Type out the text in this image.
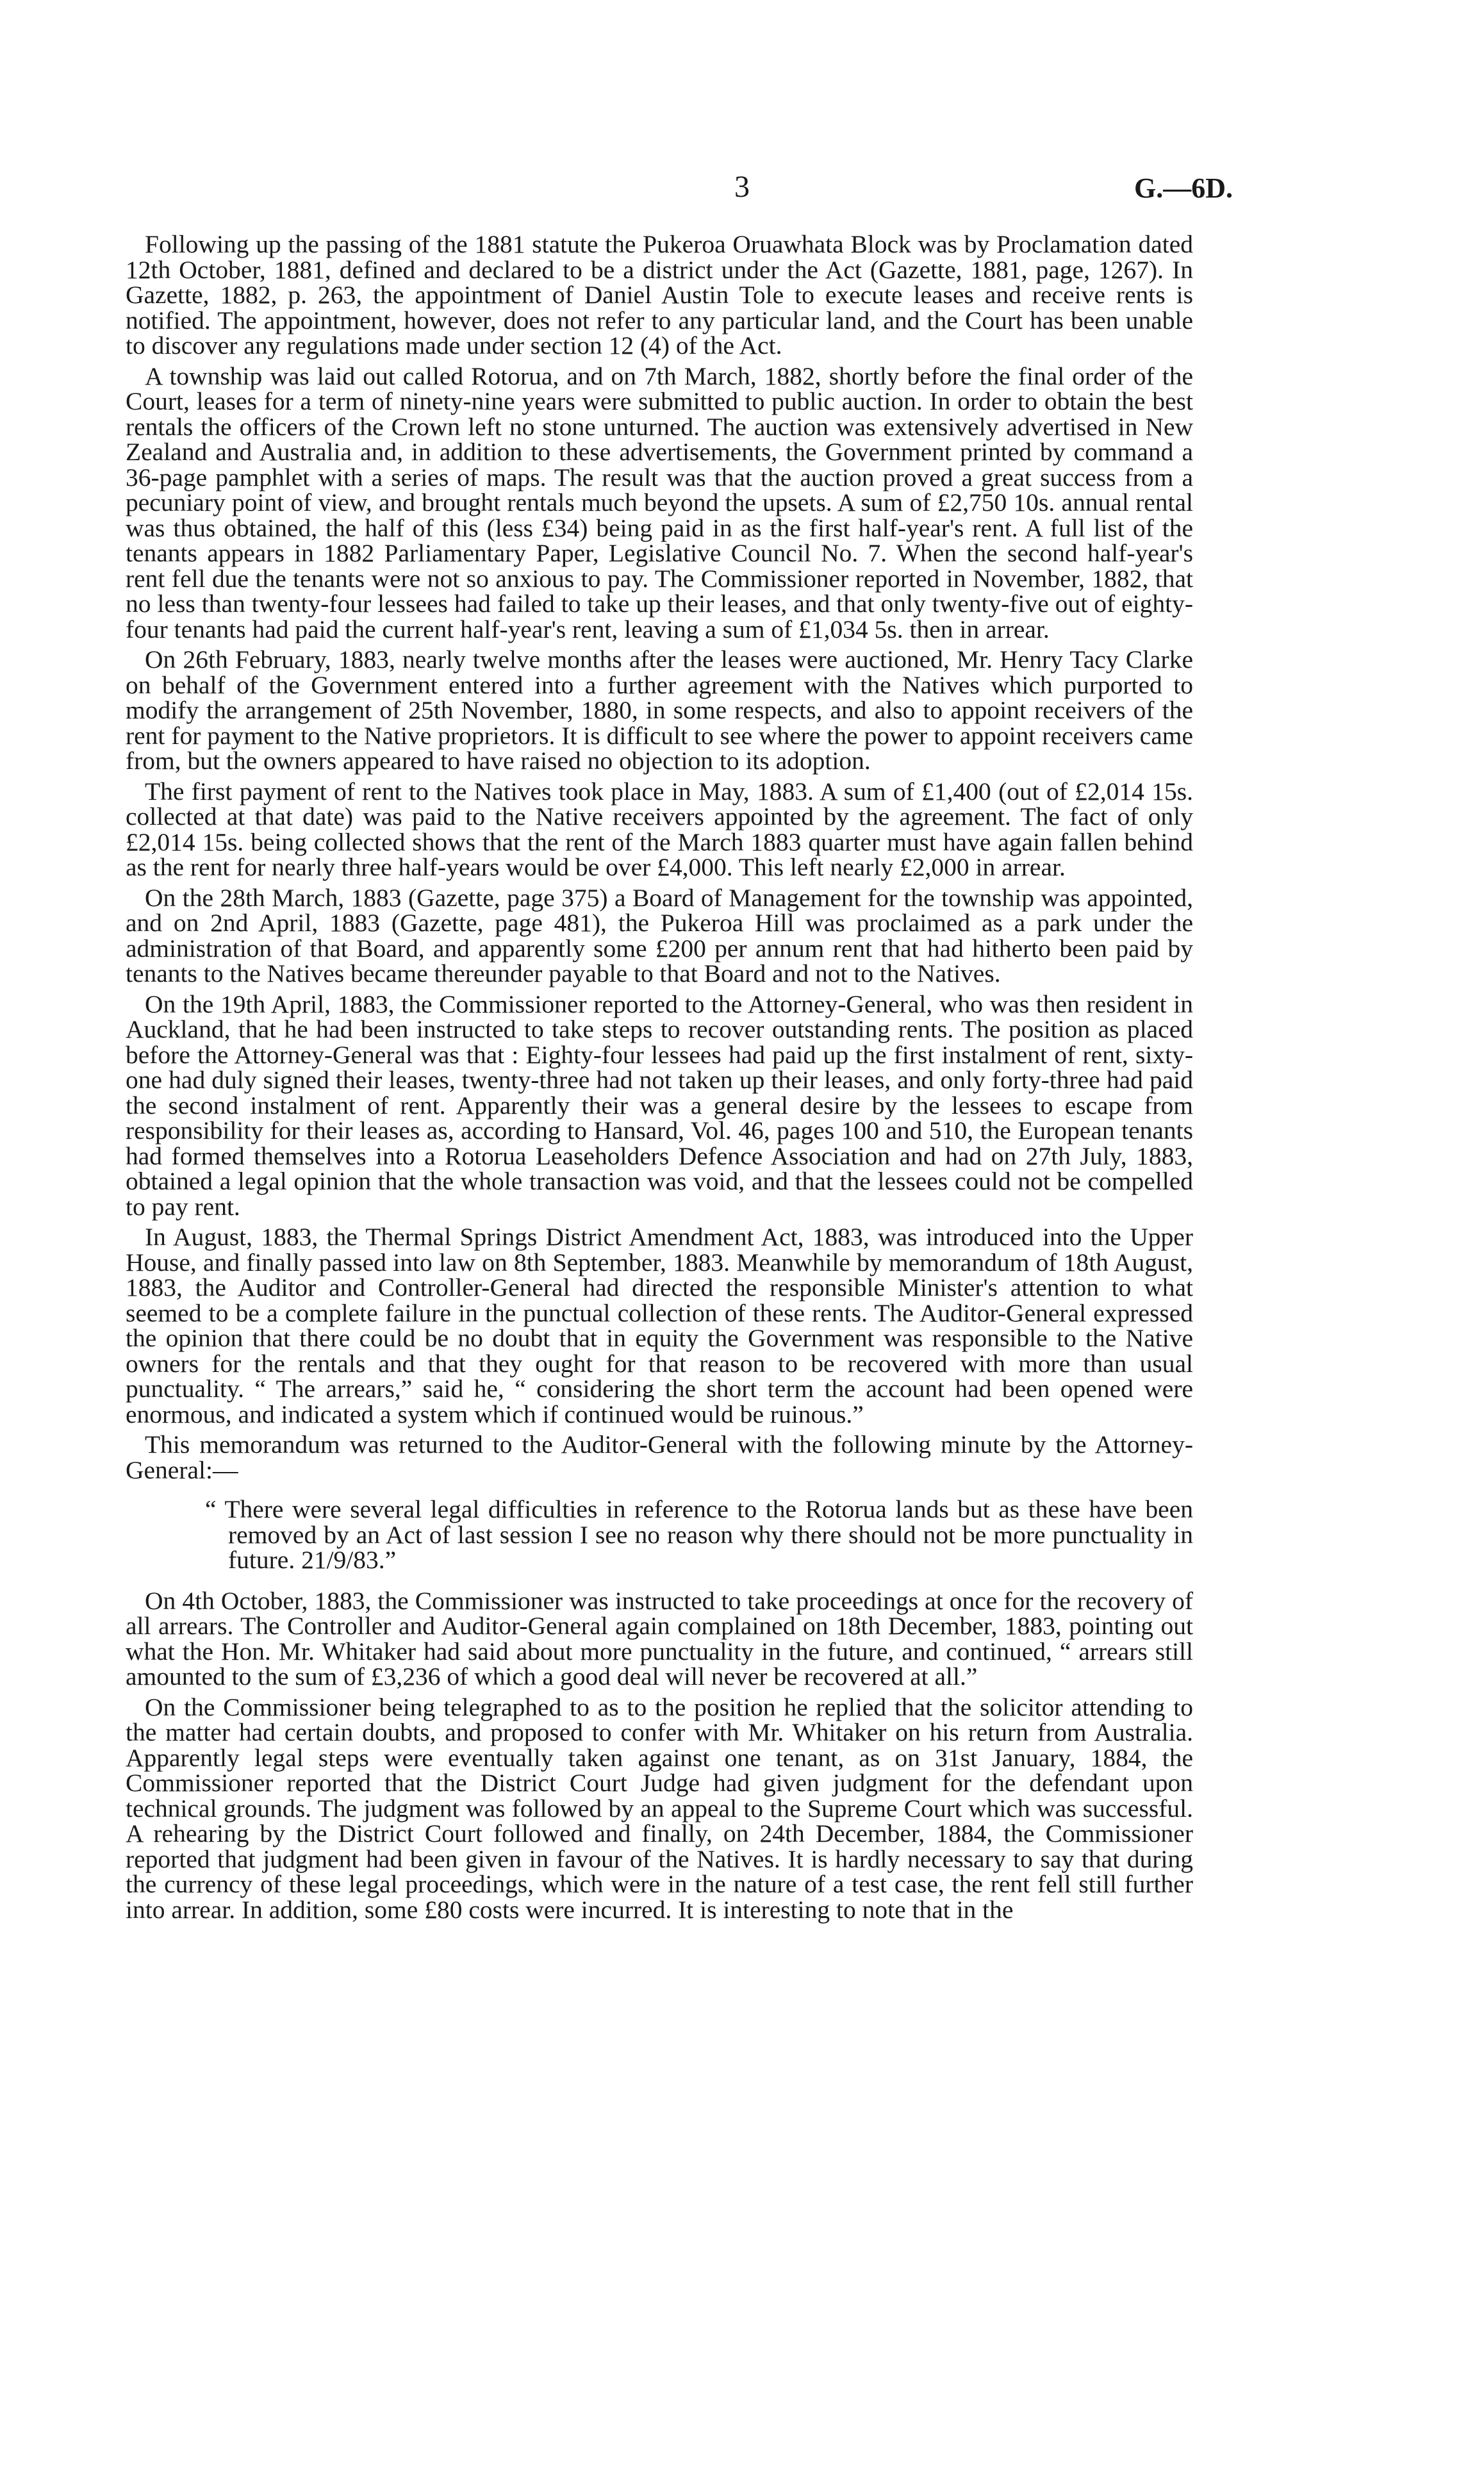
3	G.—6D.

Following up the passing of the 1881 statute the Pukeroa Oruawhata Block was by Proclamation dated 12th October, 1881, defined and declared to be a district under the Act (Gazette, 1881, page, 1267). In Gazette, 1882, p. 263, the appointment of Daniel Austin Tole to execute leases and receive rents is notified. The appointment, however, does not refer to any particular land, and the Court has been unable to discover any regulations made under section 12 (4) of the Act.

A township was laid out called Rotorua, and on 7th March, 1882, shortly before the final order of the Court, leases for a term of ninety-nine years were submitted to public auction. In order to obtain the best rentals the officers of the Crown left no stone unturned. The auction was extensively advertised in New Zealand and Australia and, in addition to these advertisements, the Government printed by command a 36-page pamphlet with a series of maps. The result was that the auction proved a great success from a pecuniary point of view, and brought rentals much beyond the upsets. A sum of £2,750 10s. annual rental was thus obtained, the half of this (less £34) being paid in as the first half-year's rent. A full list of the tenants appears in 1882 Parliamentary Paper, Legislative Council No. 7. When the second half-year's rent fell due the tenants were not so anxious to pay. The Commissioner reported in November, 1882, that no less than twenty-four lessees had failed to take up their leases, and that only twenty-five out of eighty-four tenants had paid the current half-year's rent, leaving a sum of £1,034 5s. then in arrear.

On 26th February, 1883, nearly twelve months after the leases were auctioned, Mr. Henry Tacy Clarke on behalf of the Government entered into a further agreement with the Natives which purported to modify the arrangement of 25th November, 1880, in some respects, and also to appoint receivers of the rent for payment to the Native proprietors. It is difficult to see where the power to appoint receivers came from, but the owners appeared to have raised no objection to its adoption.

The first payment of rent to the Natives took place in May, 1883. A sum of £1,400 (out of £2,014 15s. collected at that date) was paid to the Native receivers appointed by the agreement. The fact of only £2,014 15s. being collected shows that the rent of the March 1883 quarter must have again fallen behind as the rent for nearly three half-years would be over £4,000. This left nearly £2,000 in arrear.

On the 28th March, 1883 (Gazette, page 375) a Board of Management for the township was appointed, and on 2nd April, 1883 (Gazette, page 481), the Pukeroa Hill was proclaimed as a park under the administration of that Board, and apparently some £200 per annum rent that had hitherto been paid by tenants to the Natives became thereunder payable to that Board and not to the Natives.

On the 19th April, 1883, the Commissioner reported to the Attorney-General, who was then resident in Auckland, that he had been instructed to take steps to recover outstanding rents. The position as placed before the Attorney-General was that : Eighty-four lessees had paid up the first instalment of rent, sixty-one had duly signed their leases, twenty-three had not taken up their leases, and only forty-three had paid the second instalment of rent. Apparently their was a general desire by the lessees to escape from responsibility for their leases as, according to Hansard, Vol. 46, pages 100 and 510, the European tenants had formed themselves into a Rotorua Leaseholders Defence Association and had on 27th July, 1883, obtained a legal opinion that the whole transaction was void, and that the lessees could not be compelled to pay rent.

In August, 1883, the Thermal Springs District Amendment Act, 1883, was introduced into the Upper House, and finally passed into law on 8th September, 1883. Meanwhile by memorandum of 18th August, 1883, the Auditor and Controller-General had directed the responsible Minister's attention to what seemed to be a complete failure in the punctual collection of these rents. The Auditor-General expressed the opinion that there could be no doubt that in equity the Government was responsible to the Native owners for the rentals and that they ought for that reason to be recovered with more than usual punctuality. “ The arrears,” said he, “ considering the short term the account had been opened were enormous, and indicated a system which if continued would be ruinous.”

This memorandum was returned to the Auditor-General with the following minute by the Attorney-General:—

“ There were several legal difficulties in reference to the Rotorua lands but as these have been removed by an Act of last session I see no reason why there should not be more punctuality in future. 21/9/83.”

On 4th October, 1883, the Commissioner was instructed to take proceedings at once for the recovery of all arrears. The Controller and Auditor-General again complained on 18th December, 1883, pointing out what the Hon. Mr. Whitaker had said about more punctuality in the future, and continued, “ arrears still amounted to the sum of £3,236 of which a good deal will never be recovered at all.”

On the Commissioner being telegraphed to as to the position he replied that the solicitor attending to the matter had certain doubts, and proposed to confer with Mr. Whitaker on his return from Australia. Apparently legal steps were eventually taken against one tenant, as on 31st January, 1884, the Commissioner reported that the District Court Judge had given judgment for the defendant upon technical grounds. The judgment was followed by an appeal to the Supreme Court which was successful. A rehearing by the District Court followed and finally, on 24th December, 1884, the Commissioner reported that judgment had been given in favour of the Natives. It is hardly necessary to say that during the currency of these legal proceedings, which were in the nature of a test case, the rent fell still further into arrear. In addition, some £80 costs were incurred. It is interesting to note that in the
